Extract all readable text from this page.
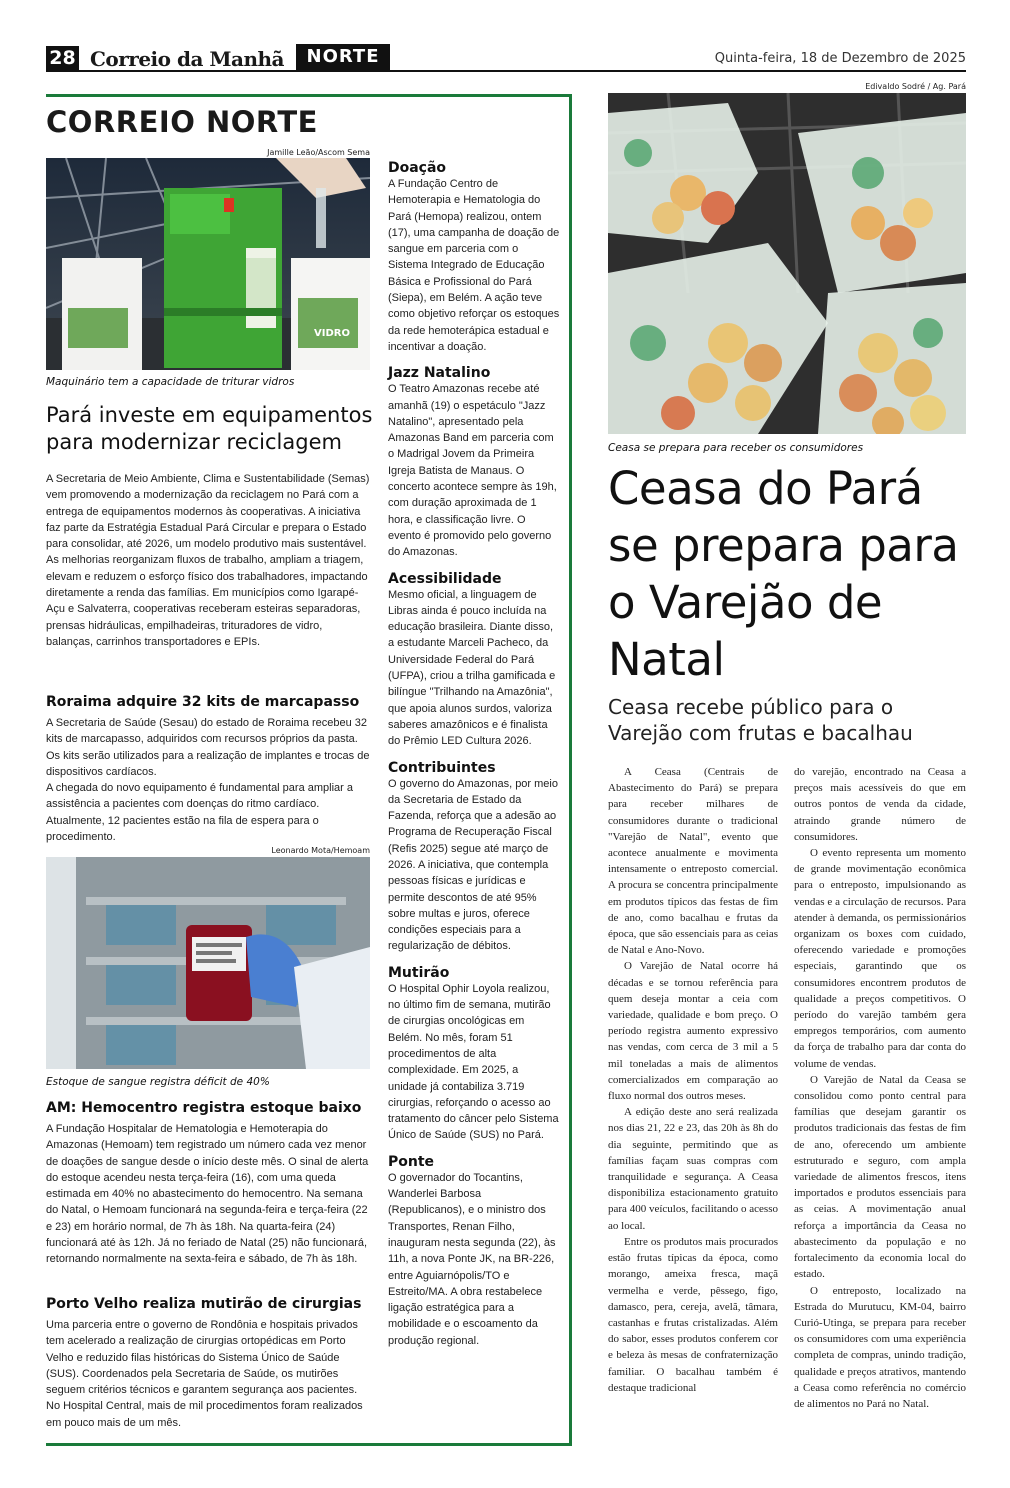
28 Correio da Manhã	NORTE	Quinta-feira, 18 de Dezembro de 2025
CORREIO NORTE
Jamille Leão/Ascom Sema
VIDRO
Maquinário tem a capacidade de triturar vidros
Pará investe em equipamentos para modernizar reciclagem

A Secretaria de Meio Ambiente, Clima e Sustentabilidade (Semas) vem promovendo a modernização da reciclagem no Pará com a entrega de equipamentos modernos às cooperativas. A iniciativa faz parte da Estratégia Estadual Pará Circular e prepara o Estado para consolidar, até 2026, um modelo produtivo mais sustentável. As melhorias reorganizam fluxos de trabalho, ampliam a triagem, elevam e reduzem o esforço físico dos trabalhadores, impactando diretamente a renda das famílias. Em municípios como Igarapé-Açu e Salvaterra, cooperativas receberam esteiras separadoras, prensas hidráulicas, empilhadeiras, trituradores de vidro, balanças, carrinhos transportadores e EPIs.

Roraima adquire 32 kits de marcapasso

A Secretaria de Saúde (Sesau) do estado de Roraima recebeu 32 kits de marcapasso, adquiridos com recursos próprios da pasta. Os kits serão utilizados para a realização de implantes e trocas de dispositivos cardíacos.

A chegada do novo equipamento é fundamental para ampliar a assistência a pacientes com doenças do ritmo cardíaco. Atualmente, 12 pacientes estão na fila de espera para o procedimento.

Leonardo Mota/Hemoam
Estoque de sangue registra déficit de 40%
AM: Hemocentro registra estoque baixo

A Fundação Hospitalar de Hematologia e Hemoterapia do Amazonas (Hemoam) tem registrado um número cada vez menor de doações de sangue desde o início deste mês. O sinal de alerta do estoque acendeu nesta terça-feira (16), com uma queda estimada em 40% no abastecimento do hemocentro. Na semana do Natal, o Hemoam funcionará na segunda-feira e terça-feira (22 e 23) em horário normal, de 7h às 18h. Na quarta-feira (24) funcionará até às 12h. Já no feriado de Natal (25) não funcionará, retornando normalmente na sexta-feira e sábado, de 7h às 18h.

Porto Velho realiza mutirão de cirurgias

Uma parceria entre o governo de Rondônia e hospitais privados tem acelerado a realização de cirurgias ortopédicas em Porto Velho e reduzido filas históricas do Sistema Único de Saúde (SUS). Coordenados pela Secretaria de Saúde, os mutirões seguem critérios técnicos e garantem segurança aos pacientes. No Hospital Central, mais de mil procedimentos foram realizados em pouco mais de um mês.

Doação

A Fundação Centro de Hemoterapia e Hematologia do Pará (Hemopa) realizou, ontem (17), uma campanha de doação de sangue em parceria com o Sistema Integrado de Educação Básica e Profissional do Pará (Siepa), em Belém. A ação teve como objetivo reforçar os estoques da rede hemoterápica estadual e incentivar a doação.

Jazz Natalino

O Teatro Amazonas recebe até amanhã (19) o espetáculo "Jazz Natalino", apresentado pela Amazonas Band em parceria com o Madrigal Jovem da Primeira Igreja Batista de Manaus. O concerto acontece sempre às 19h, com duração aproximada de 1 hora, e classificação livre. O evento é promovido pelo governo do Amazonas.

Acessibilidade

Mesmo oficial, a linguagem de Libras ainda é pouco incluída na educação brasileira. Diante disso, a estudante Marceli Pacheco, da Universidade Federal do Pará (UFPA), criou a trilha gamificada e bilíngue "Trilhando na Amazônia", que apoia alunos surdos, valoriza saberes amazônicos e é finalista do Prêmio LED Cultura 2026.

Contribuintes

O governo do Amazonas, por meio da Secretaria de Estado da Fazenda, reforça que a adesão ao Programa de Recuperação Fiscal (Refis 2025) segue até março de 2026. A iniciativa, que contempla pessoas físicas e jurídicas e permite descontos de até 95% sobre multas e juros, oferece condições especiais para a regularização de débitos.

Mutirão

O Hospital Ophir Loyola realizou, no último fim de semana, mutirão de cirurgias oncológicas em Belém. No mês, foram 51 procedimentos de alta complexidade. Em 2025, a unidade já contabiliza 3.719 cirurgias, reforçando o acesso ao tratamento do câncer pelo Sistema Único de Saúde (SUS) no Pará.

Ponte

O governador do Tocantins, Wanderlei Barbosa (Republicanos), e o ministro dos Transportes, Renan Filho, inauguram nesta segunda (22), às 11h, a nova Ponte JK, na BR-226, entre Aguiarnópolis/TO e Estreito/MA. A obra restabelece ligação estratégica para a mobilidade e o escoamento da produção regional.

Edivaldo Sodré / Ag. Pará
Ceasa se prepara para receber os consumidores
Ceasa do Pará se prepara para o Varejão de Natal
Ceasa recebe público para o Varejão com frutas e bacalhau

A Ceasa (Centrais de Abastecimento do Pará) se prepara para receber milhares de consumidores durante o tradicional "Varejão de Natal", evento que acontece anualmente e movimenta intensamente o entreposto comercial. A procura se concentra principalmente em produtos típicos das festas de fim de ano, como bacalhau e frutas da época, que são essenciais para as ceias de Natal e Ano-Novo.

O Varejão de Natal ocorre há décadas e se tornou referência para quem deseja montar a ceia com variedade, qualidade e bom preço. O período registra aumento expressivo nas vendas, com cerca de 3 mil a 5 mil toneladas a mais de alimentos comercializados em comparação ao fluxo normal dos outros meses.

A edição deste ano será realizada nos dias 21, 22 e 23, das 20h às 8h do dia seguinte, permitindo que as famílias façam suas compras com tranquilidade e segurança. A Ceasa disponibiliza estacionamento gratuito para 400 veículos, facilitando o acesso ao local.

Entre os produtos mais procurados estão frutas típicas da época, como morango, ameixa fresca, maçã vermelha e verde, pêssego, figo, damasco, pera, cereja, avelã, tâmara, castanhas e frutas cristalizadas. Além do sabor, esses produtos conferem cor e beleza às mesas de confraternização familiar. O bacalhau também é destaque tradicional

do varejão, encontrado na Ceasa a preços mais acessíveis do que em outros pontos de venda da cidade, atraindo grande número de consumidores.

O evento representa um momento de grande movimentação econômica para o entreposto, impulsionando as vendas e a circulação de recursos. Para atender à demanda, os permissionários organizam os boxes com cuidado, oferecendo variedade e promoções especiais, garantindo que os consumidores encontrem produtos de qualidade a preços competitivos. O período do varejão também gera empregos temporários, com aumento da força de trabalho para dar conta do volume de vendas.

O Varejão de Natal da Ceasa se consolidou como ponto central para famílias que desejam garantir os produtos tradicionais das festas de fim de ano, oferecendo um ambiente estruturado e seguro, com ampla variedade de alimentos frescos, itens importados e produtos essenciais para as ceias. A movimentação anual reforça a importância da Ceasa no abastecimento da população e no fortalecimento da economia local do estado.

O entreposto, localizado na Estrada do Murutucu, KM-04, bairro Curió-Utinga, se prepara para receber os consumidores com uma experiência completa de compras, unindo tradição, qualidade e preços atrativos, mantendo a Ceasa como referência no comércio de alimentos no Pará no Natal.
